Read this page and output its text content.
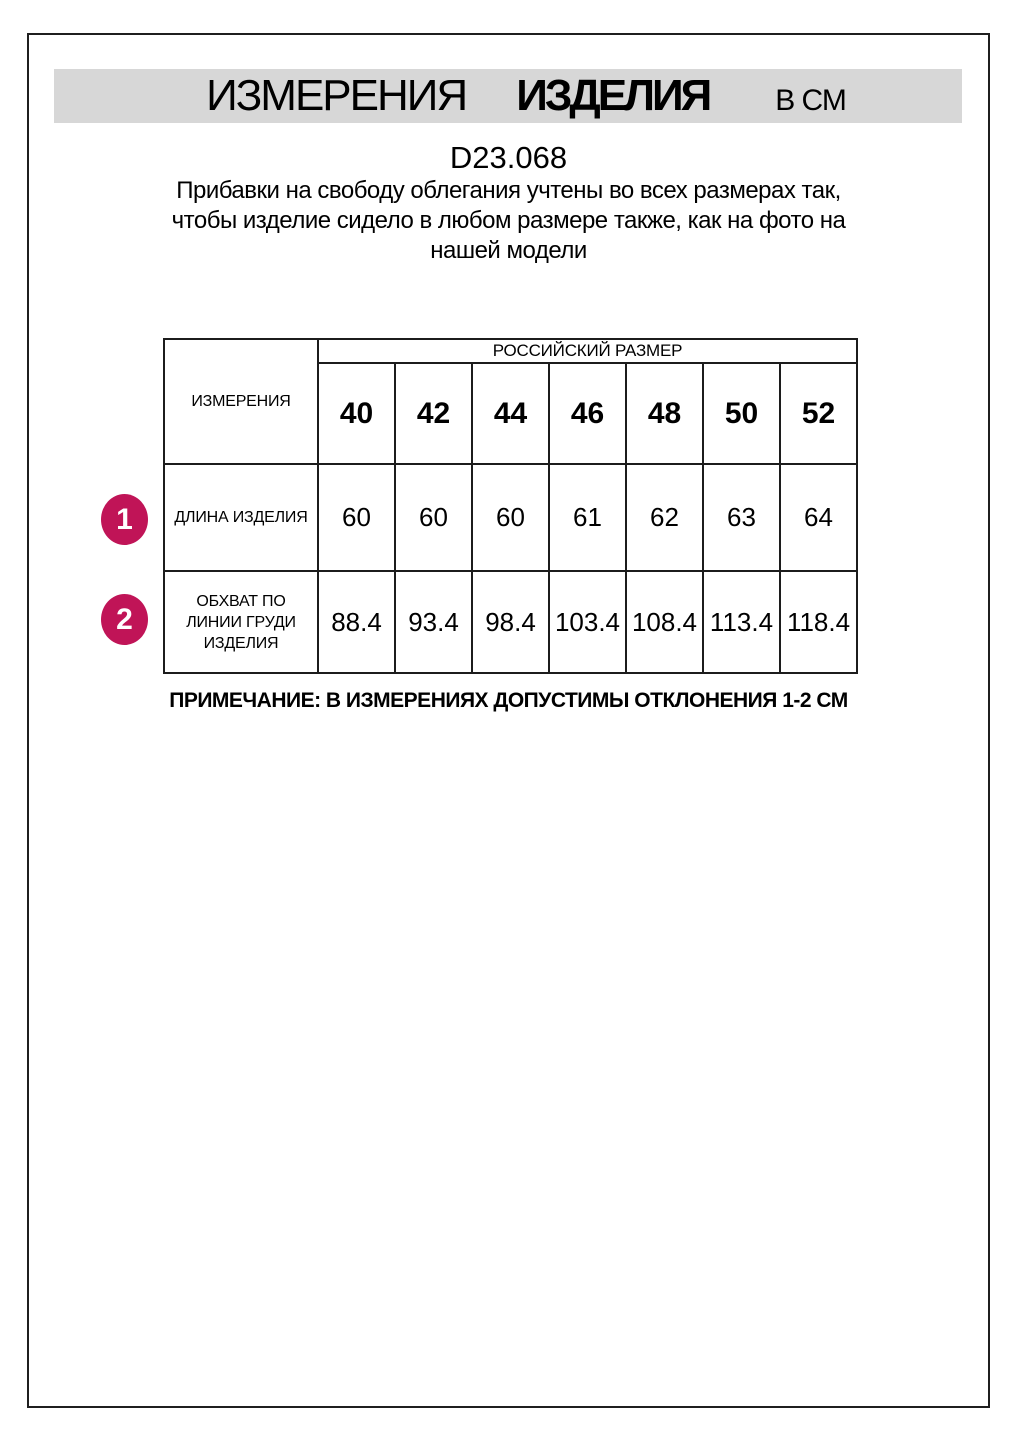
ИЗМЕРЕНИЯ ИЗДЕЛИЯ В СМ
D23.068
Прибавки на свободу облегания учтены во всех размерах так,
чтобы изделие сидело в любом размере также, как на фото на
нашей модели
ИЗМЕРЕНИЯ	РОССИЙСКИЙ РАЗМЕР						
	40	42	44	46	48	50	52
ДЛИНА ИЗДЕЛИЯ	60	60	60	61	62	63	64
ОБХВАТ ПО ЛИНИИ ГРУДИ ИЗДЕЛИЯ	88.4	93.4	98.4	103.4	108.4	113.4	118.4
1
2
ПРИМЕЧАНИЕ: В ИЗМЕРЕНИЯХ ДОПУСТИМЫ ОТКЛОНЕНИЯ 1-2 СМ
